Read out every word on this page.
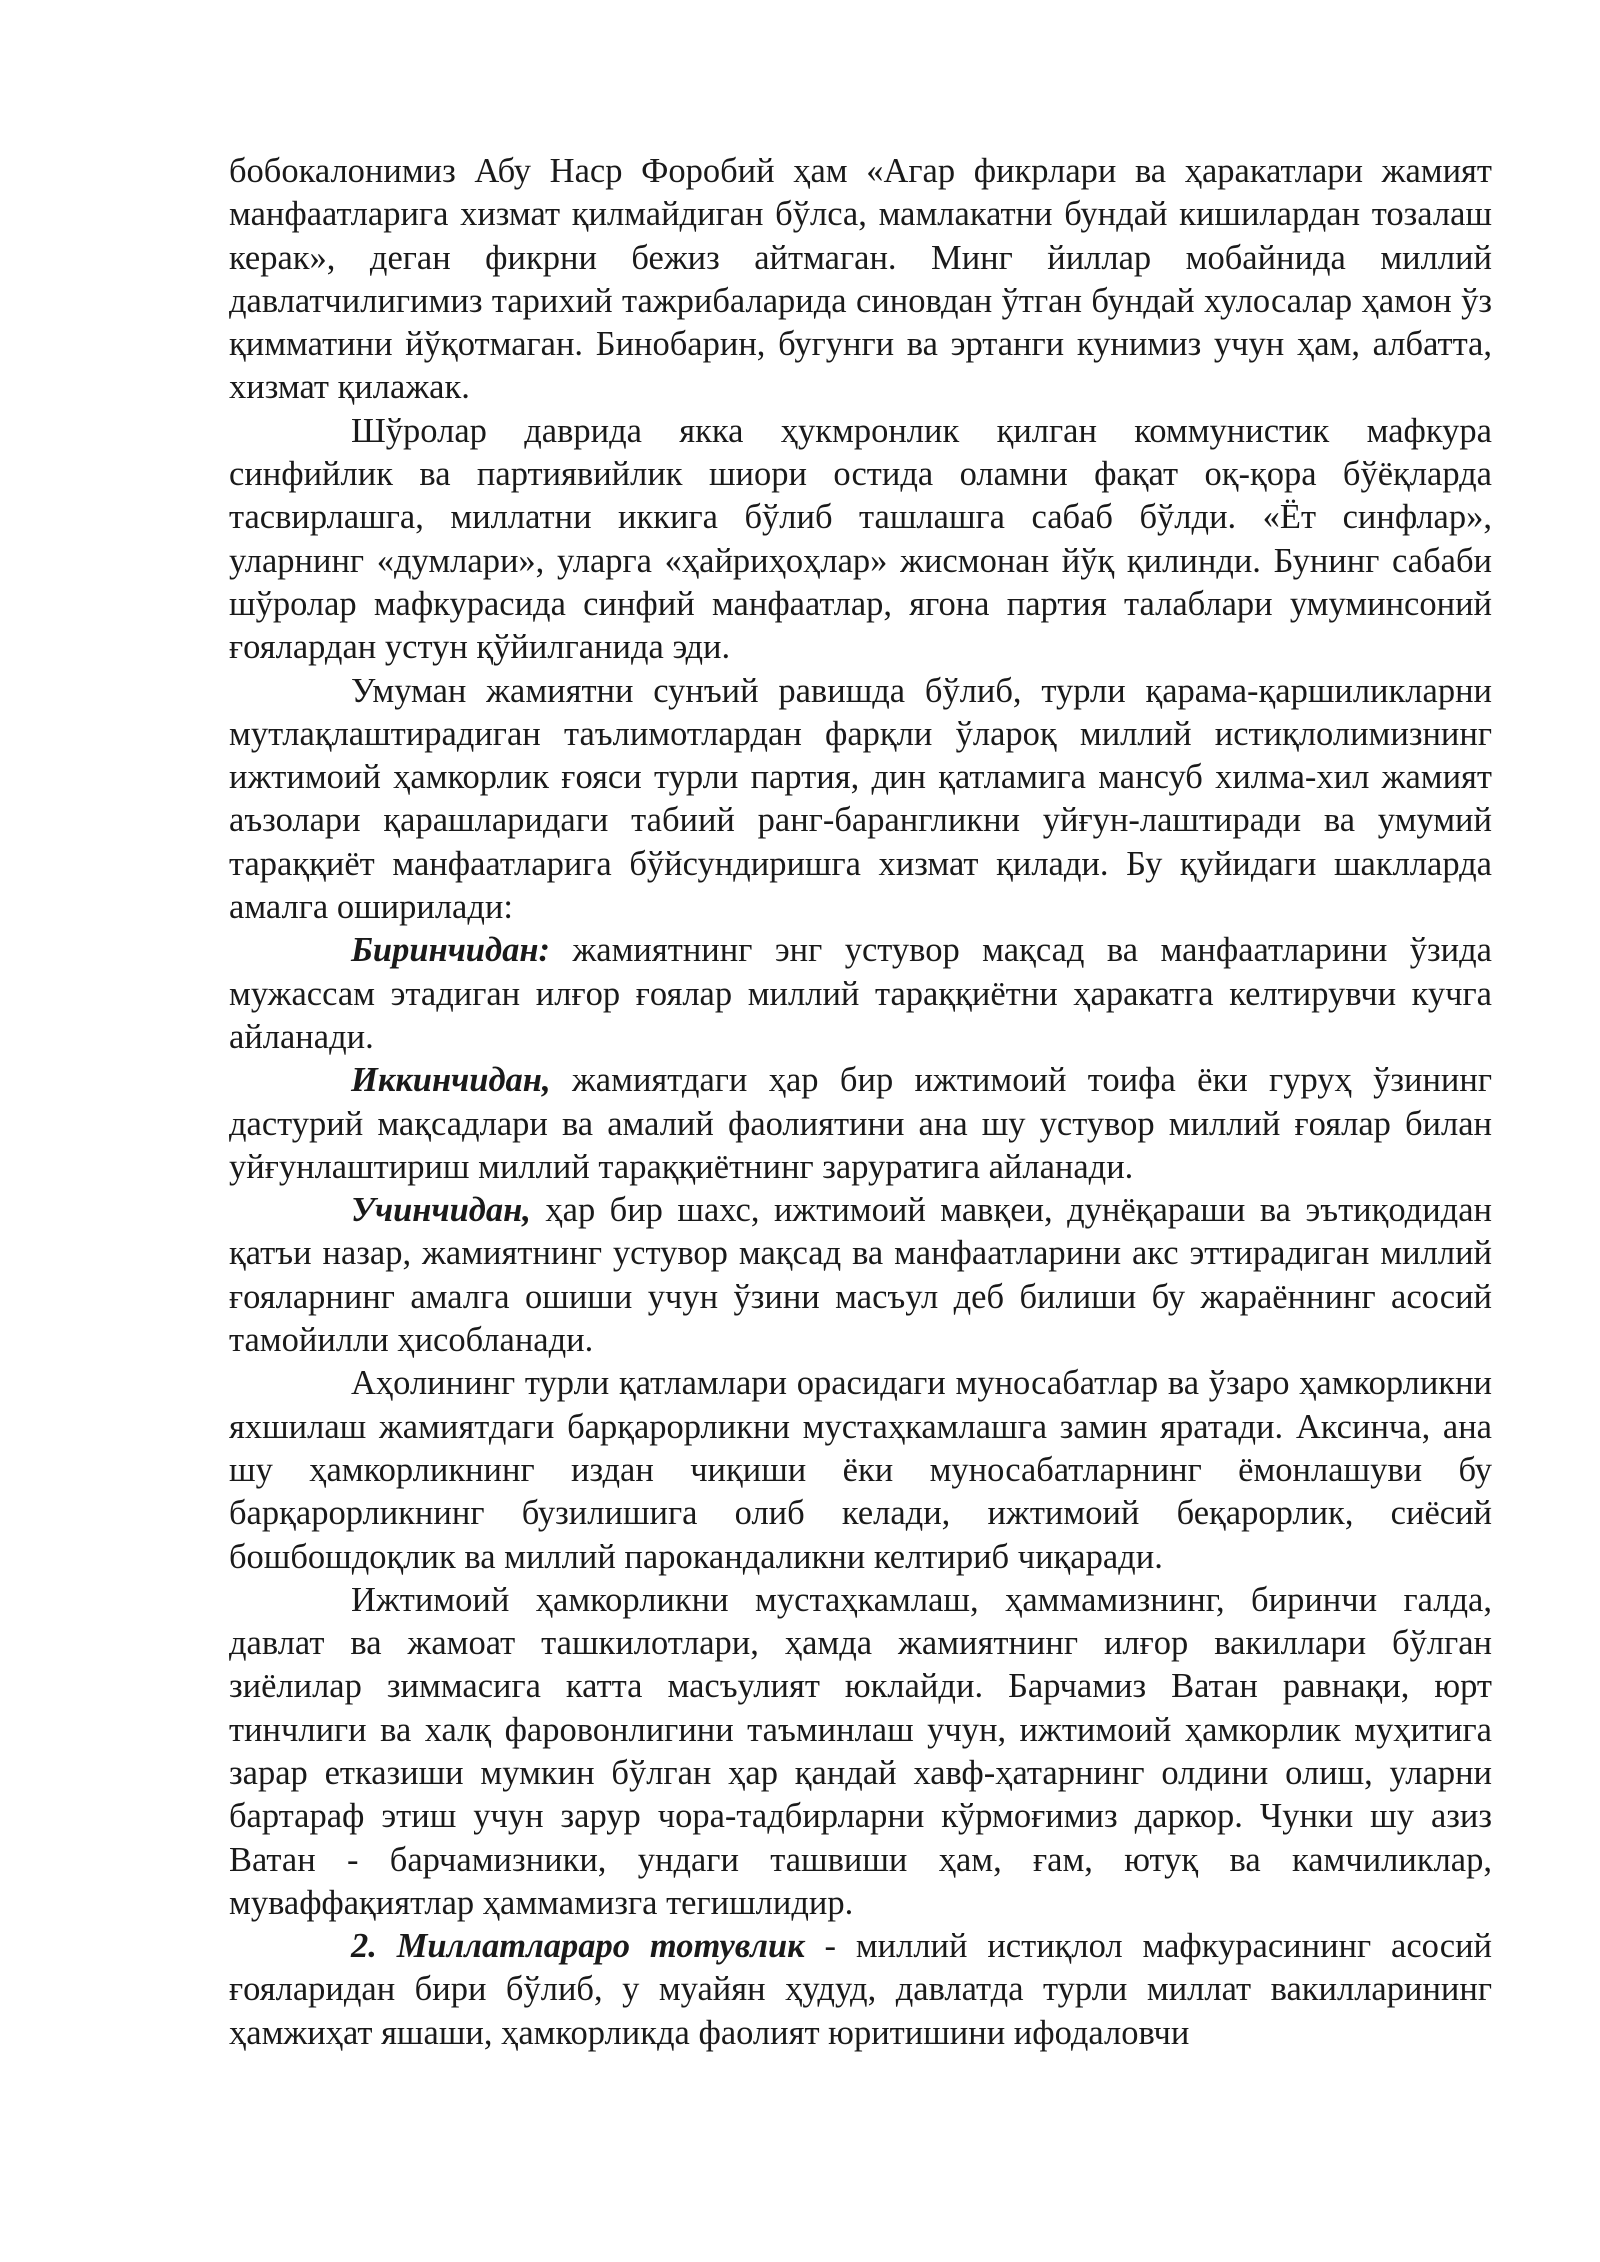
бобокалонимиз Абу Наср Форобий ҳам «Агар фикрлари ва ҳаракатлари жамият манфаатларига хизмат қилмайдиган бўлса, мамлакатни бундай кишилардан тозалаш керак», деган фикрни бежиз айтмаган. Минг йиллар мобайнида миллий давлатчилигимиз тарихий тажрибаларида синовдан ўтган бундай хулосалар ҳамон ўз қимматини йўқотмаган. Бинобарин, бугунги ва эртанги кунимиз учун ҳам, албатта, хизмат қилажак.

Шўролар даврида якка ҳукмронлик қилган коммунистик мафкура синфийлик ва партиявийлик шиори остида оламни фақат оқ-қора бўёқларда тасвирлашга, миллатни иккига бўлиб ташлашга сабаб бўлди. «Ёт синфлар», уларнинг «думлари», уларга «ҳайриҳоҳлар» жисмонан йўқ қилинди. Бунинг сабаби шўролар мафкурасида синфий манфаатлар, ягона партия талаблари умуминсоний ғоялардан устун қўйилганида эди.

Умуман жамиятни сунъий равишда бўлиб, турли қарама-қаршиликларни мутлақлаштирадиган таълимотлардан фарқли ўлароқ миллий истиқлолимизнинг ижтимоий ҳамкорлик ғояси турли партия, дин қатламига мансуб хилма-хил жамият аъзолари қарашларидаги табиий ранг-барангликни уйғун-лаштиради ва умумий тараққиёт манфаатларига бўйсундиришга хизмат қилади. Бу қуйидаги шаклларда амалга оширилади:

Биринчидан: жамиятнинг энг устувор мақсад ва манфаатларини ўзида мужассам этадиган илғор ғоялар миллий тараққиётни ҳаракатга келтирувчи кучга айланади.

Иккинчидан, жамиятдаги ҳар бир ижтимоий тоифа ёки гуруҳ ўзининг дастурий мақсадлари ва амалий фаолиятини ана шу устувор миллий ғоялар билан уйғунлаштириш миллий тараққиётнинг заруратига айланади.

Учинчидан, ҳар бир шахс, ижтимоий мавқеи, дунёқараши ва эътиқодидан қатъи назар, жамиятнинг устувор мақсад ва манфаатларини акс эттирадиган миллий ғояларнинг амалга ошиши учун ўзини масъул деб билиши бу жараённинг асосий тамойилли ҳисобланади.

Аҳолининг турли қатламлари орасидаги муносабатлар ва ўзаро ҳамкорликни яхшилаш жамиятдаги барқарорликни мустаҳкамлашга замин яратади. Аксинча, ана шу ҳамкорликнинг издан чиқиши ёки муносабатларнинг ёмонлашуви бу барқарорликнинг бузилишига олиб келади, ижтимоий беқарорлик, сиёсий бошбошдоқлик ва миллий парокандаликни келтириб чиқаради.

Ижтимоий ҳамкорликни мустаҳкамлаш, ҳаммамизнинг, биринчи галда, давлат ва жамоат ташкилотлари, ҳамда жамиятнинг илғор вакиллари бўлган зиёлилар зиммасига катта масъулият юклайди. Барчамиз Ватан равнақи, юрт тинчлиги ва халқ фаровонлигини таъминлаш учун, ижтимоий ҳамкорлик муҳитига зарар етказиши мумкин бўлган ҳар қандай хавф-ҳатарнинг олдини олиш, уларни бартараф этиш учун зарур чора-тадбирларни кўрмоғимиз даркор. Чунки шу азиз Ватан - барчамизники, ундаги ташвиши ҳам, ғам, ютуқ ва камчиликлар, муваффақиятлар ҳаммамизга тегишлидир.

2. Миллатлараро тотувлик - миллий истиқлол мафкурасининг асосий ғояларидан бири бўлиб, у муайян ҳудуд, давлатда турли миллат вакилларининг ҳамжиҳат яшаши, ҳамкорликда фаолият юритишини ифодаловчи
